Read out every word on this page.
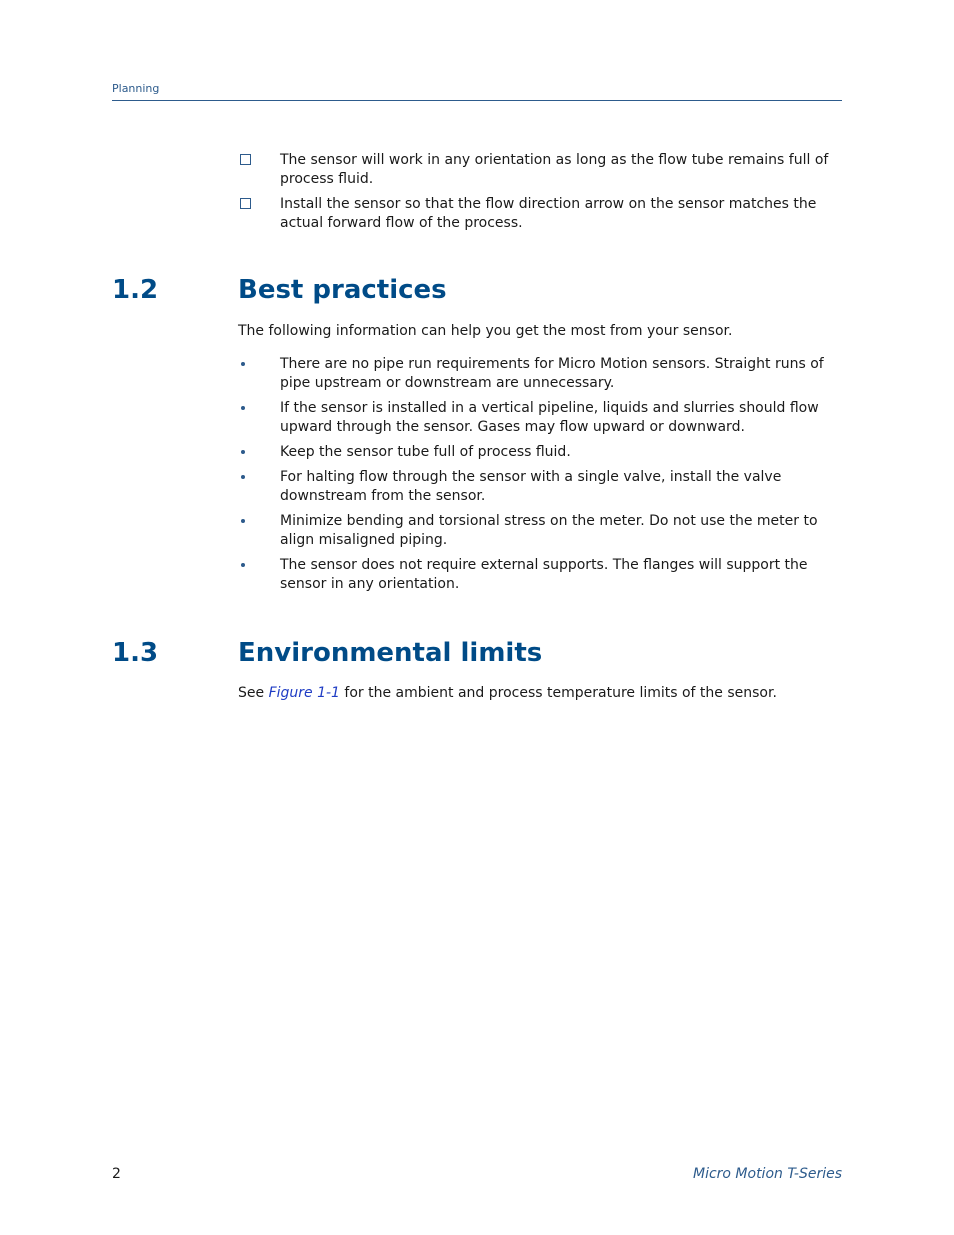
Planning
The sensor will work in any orientation as long as the flow tube remains full of process fluid.
Install the sensor so that the flow direction arrow on the sensor matches the actual forward flow of the process.
1.2	Best practices
The following information can help you get the most from your sensor.
There are no pipe run requirements for Micro Motion sensors. Straight runs of pipe upstream or downstream are unnecessary.
If the sensor is installed in a vertical pipeline, liquids and slurries should flow upward through the sensor. Gases may flow upward or downward.
Keep the sensor tube full of process fluid.
For halting flow through the sensor with a single valve, install the valve downstream from the sensor.
Minimize bending and torsional stress on the meter. Do not use the meter to align misaligned piping.
The sensor does not require external supports. The flanges will support the sensor in any orientation.
1.3	Environmental limits
See Figure 1-1 for the ambient and process temperature limits of the sensor.
2	Micro Motion T-Series
